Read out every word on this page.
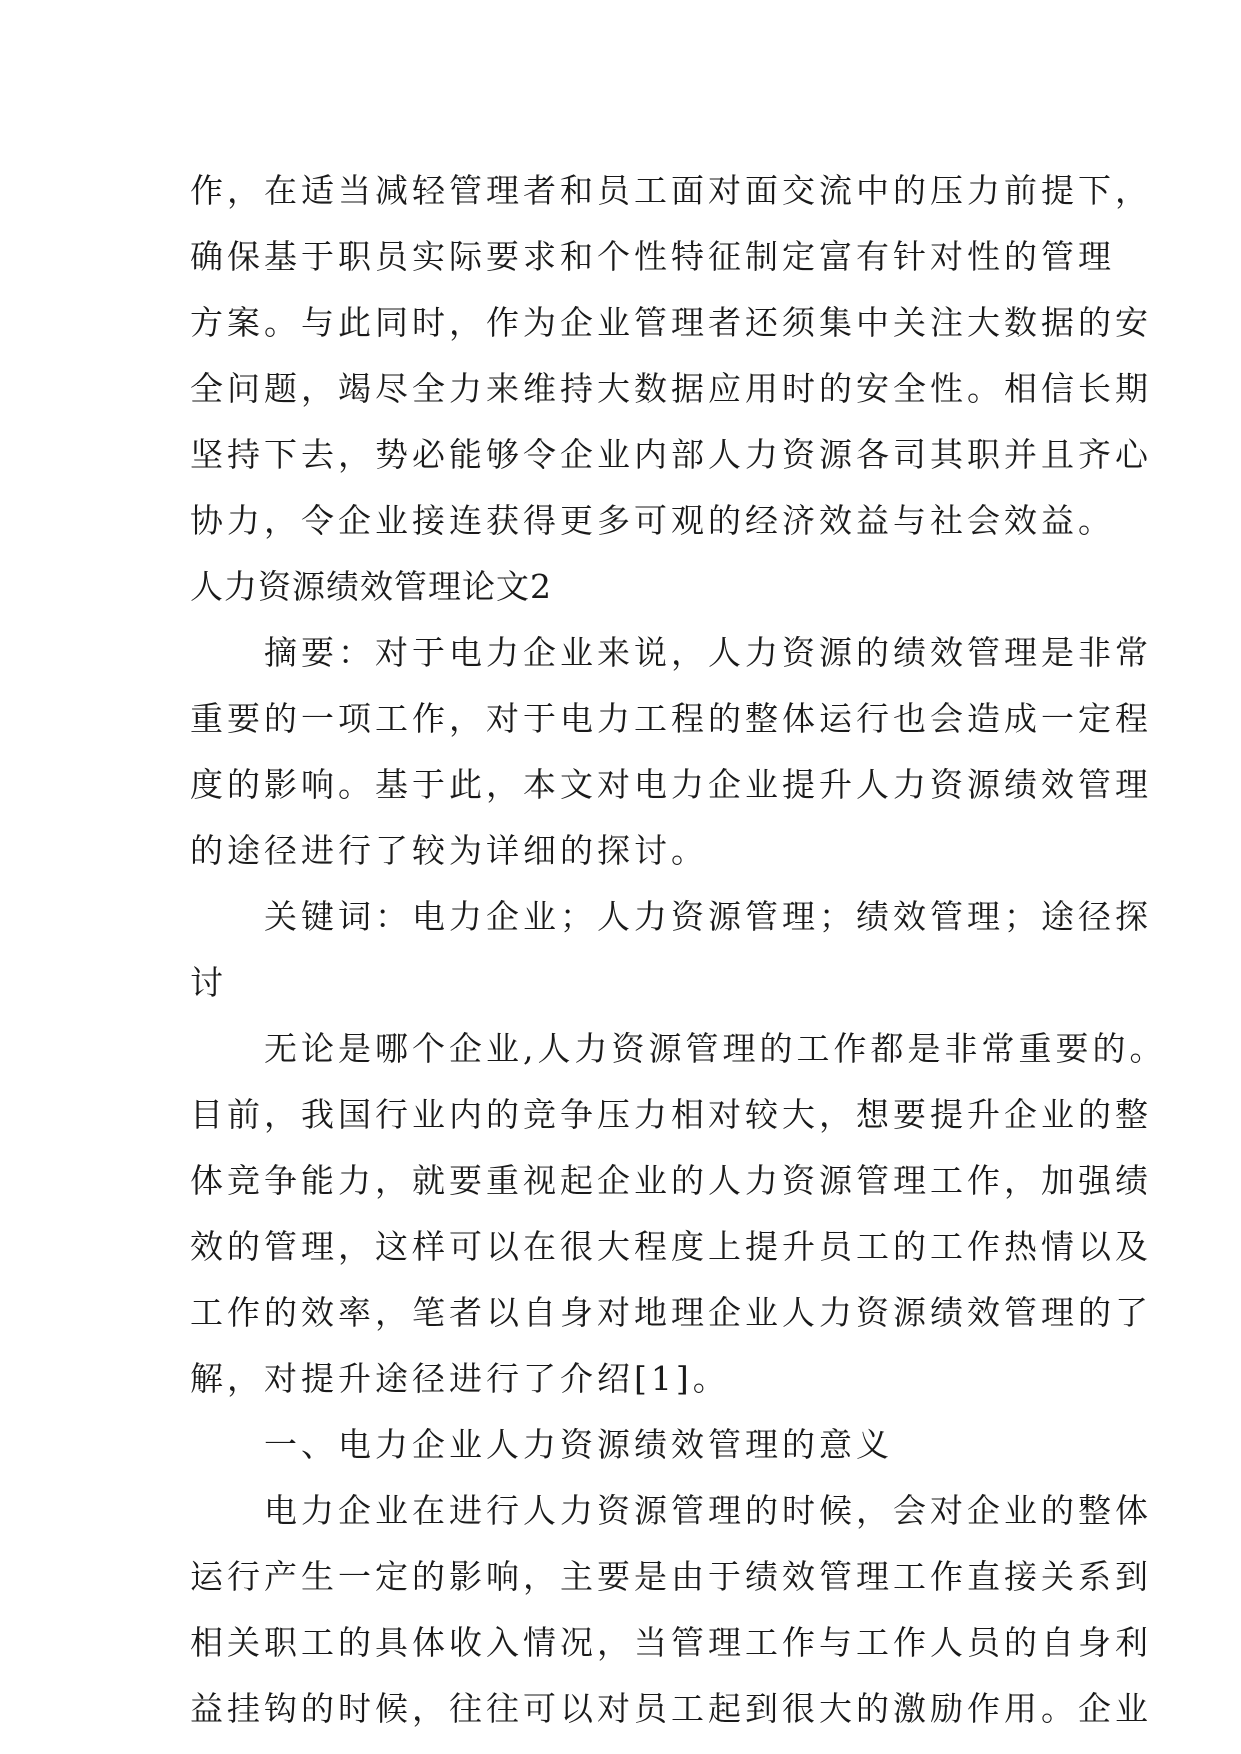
作，在适当减轻管理者和员工面对面交流中的压力前提下，
确保基于职员实际要求和个性特征制定富有针对性的管理
方案。与此同时，作为企业管理者还须集中关注大数据的安
全问题，竭尽全力来维持大数据应用时的安全性。相信长期
坚持下去，势必能够令企业内部人力资源各司其职并且齐心
协力，令企业接连获得更多可观的经济效益与社会效益。
人力资源绩效管理论文2
　　摘要：对于电力企业来说，人力资源的绩效管理是非常
重要的一项工作，对于电力工程的整体运行也会造成一定程
度的影响。基于此，本文对电力企业提升人力资源绩效管理
的途径进行了较为详细的探讨。
　　关键词：电力企业；人力资源管理；绩效管理；途径探
讨
　　无论是哪个企业,人力资源管理的工作都是非常重要的。
目前，我国行业内的竞争压力相对较大，想要提升企业的整
体竞争能力，就要重视起企业的人力资源管理工作，加强绩
效的管理，这样可以在很大程度上提升员工的工作热情以及
工作的效率，笔者以自身对地理企业人力资源绩效管理的了
解，对提升途径进行了介绍[1]。
　　一、电力企业人力资源绩效管理的意义
　　电力企业在进行人力资源管理的时候，会对企业的整体
运行产生一定的影响，主要是由于绩效管理工作直接关系到
相关职工的具体收入情况，当管理工作与工作人员的自身利
益挂钩的时候，往往可以对员工起到很大的激励作用。企业
